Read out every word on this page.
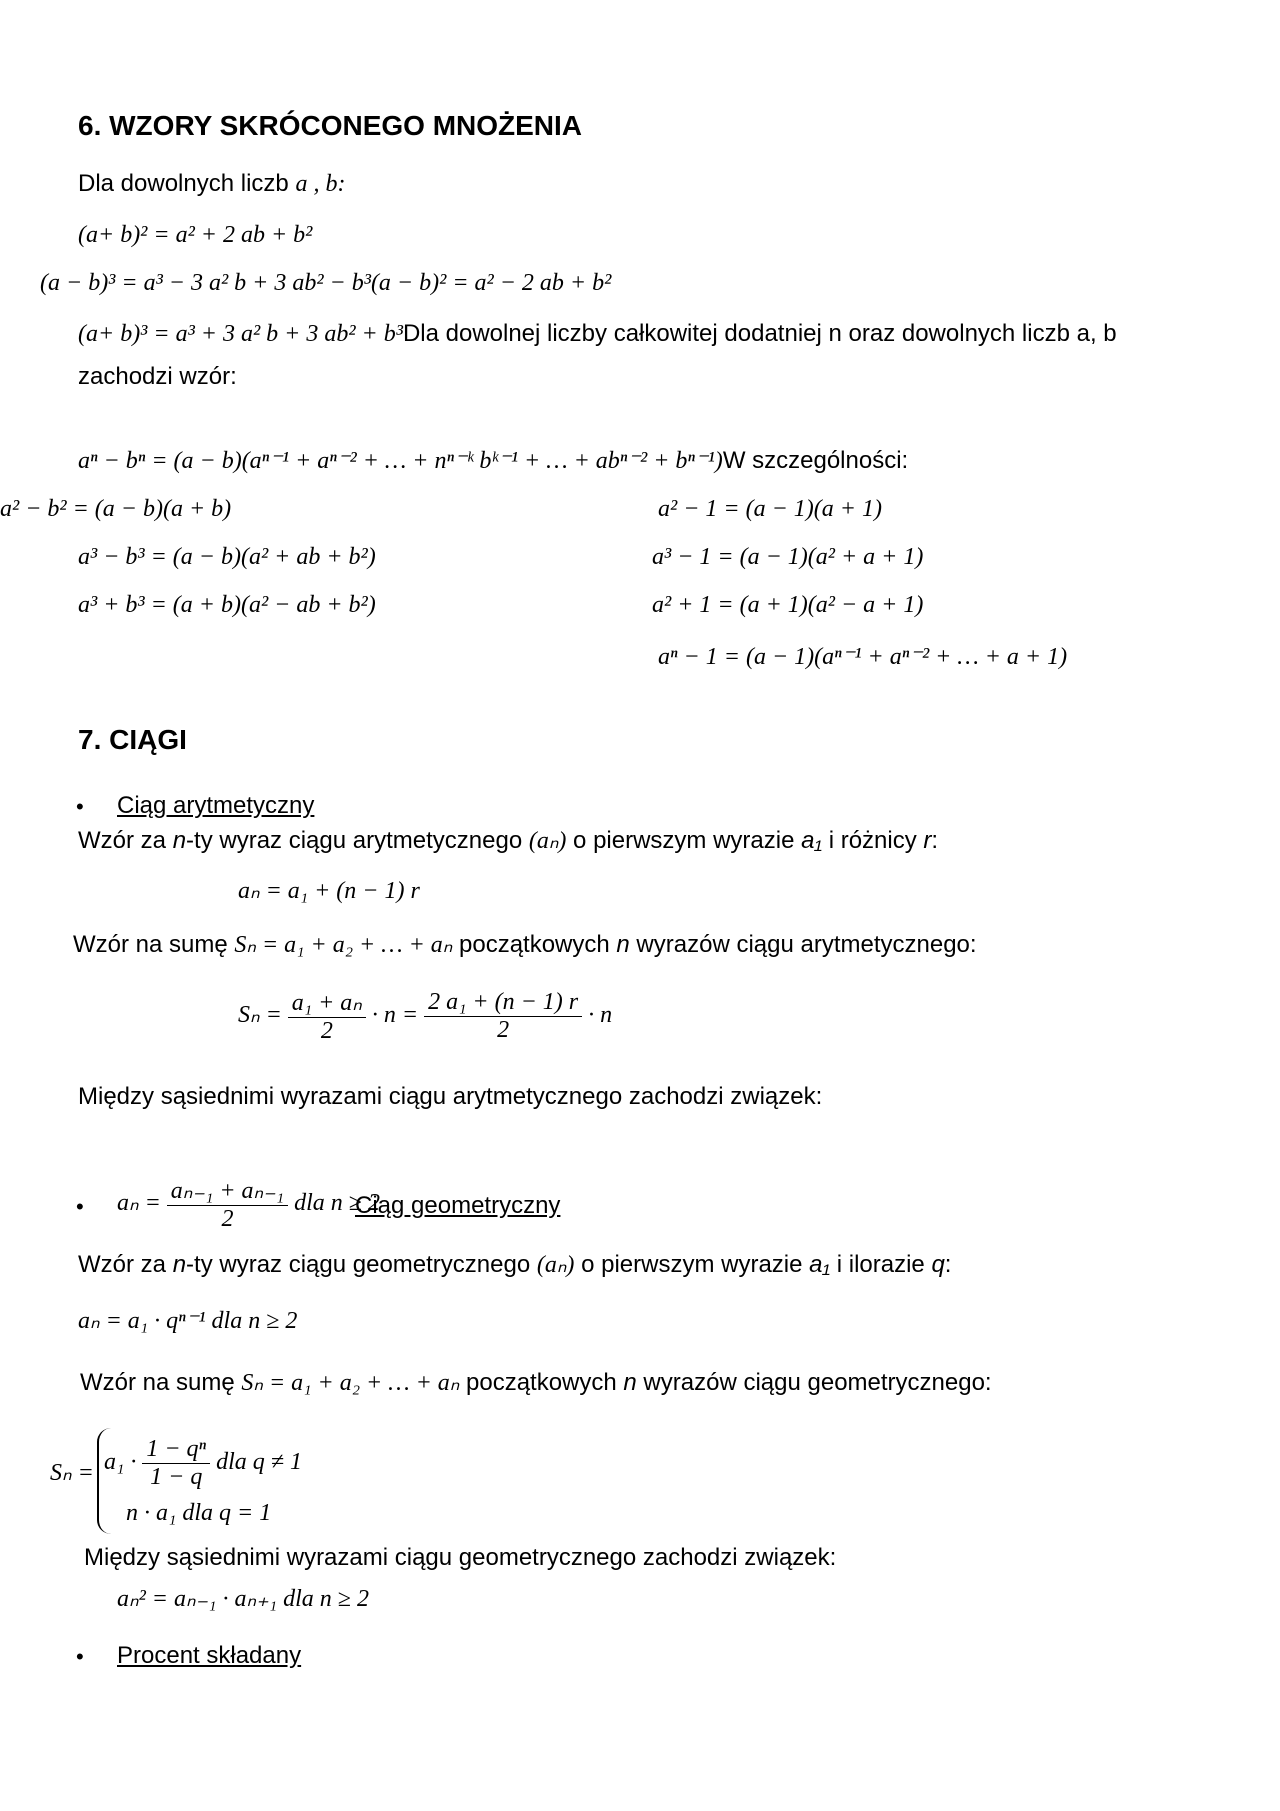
6. WZORY SKRÓCONEGO MNOŻENIA
Dla dowolnych liczb a , b:
(a+ b)² = a² + 2 ab + b²
(a − b)³ = a³ − 3 a² b + 3 ab² − b³(a − b)² = a² − 2 ab + b²
(a+ b)³ = a³ + 3 a² b + 3 ab² + b³Dla dowolnej liczby całkowitej dodatniej n oraz dowolnych liczb a, b
zachodzi wzór:
aⁿ − bⁿ = (a − b)(aⁿ⁻¹ + aⁿ⁻² + … + nⁿ⁻ᵏ bᵏ⁻¹ + … + abⁿ⁻² + bⁿ⁻¹)W szczególności:
a² − b² = (a − b)(a + b)
a³ − b³ = (a − b)(a² + ab + b²)
a³ + b³ = (a + b)(a² − ab + b²)
a² − 1 = (a − 1)(a + 1)
a³ − 1 = (a − 1)(a² + a + 1)
a² + 1 = (a + 1)(a² − a + 1)
aⁿ − 1 = (a − 1)(aⁿ⁻¹ + aⁿ⁻² + … + a + 1)
7. CIĄGI
• Ciąg arytmetyczny
Wzór za n-ty wyraz ciągu arytmetycznego (aₙ) o pierwszym wyrazie a₁ i różnicy r:
aₙ = a₁ + (n − 1) r
Wzór na sumę Sₙ = a₁ + a₂ + … + aₙ początkowych n wyrazów ciągu arytmetycznego:
$S_n = \frac{\text{a₁ + aₙ}}{2} \cdot n = \frac{\text{2 a₁ + (n − 1) r}}{2} \cdot n$
Między sąsiednimi wyrazami ciągu arytmetycznego zachodzi związek:
• $a_n = \frac{\text{aₙ₋₁ + aₙ₋₁}}{2}$ dla n ≥ 2
Ciąg geometryczny
Wzór za n-ty wyraz ciągu geometrycznego (aₙ) o pierwszym wyrazie a₁ i ilorazie q:
aₙ = a₁ · qⁿ⁻¹ dla n ≥ 2
Wzór na sumę Sₙ = a₁ + a₂ + … + aₙ początkowych n wyrazów ciągu geometrycznego:
$S_n = a_1 \cdot \frac{\text{1 − qⁿ}}{1 - q}$ dla q ≠ 1
n · a₁ dla q = 1
Między sąsiednimi wyrazami ciągu geometrycznego zachodzi związek:
aₙ² = aₙ₋₁ · aₙ₊₁ dla n ≥ 2
• Procent składany
